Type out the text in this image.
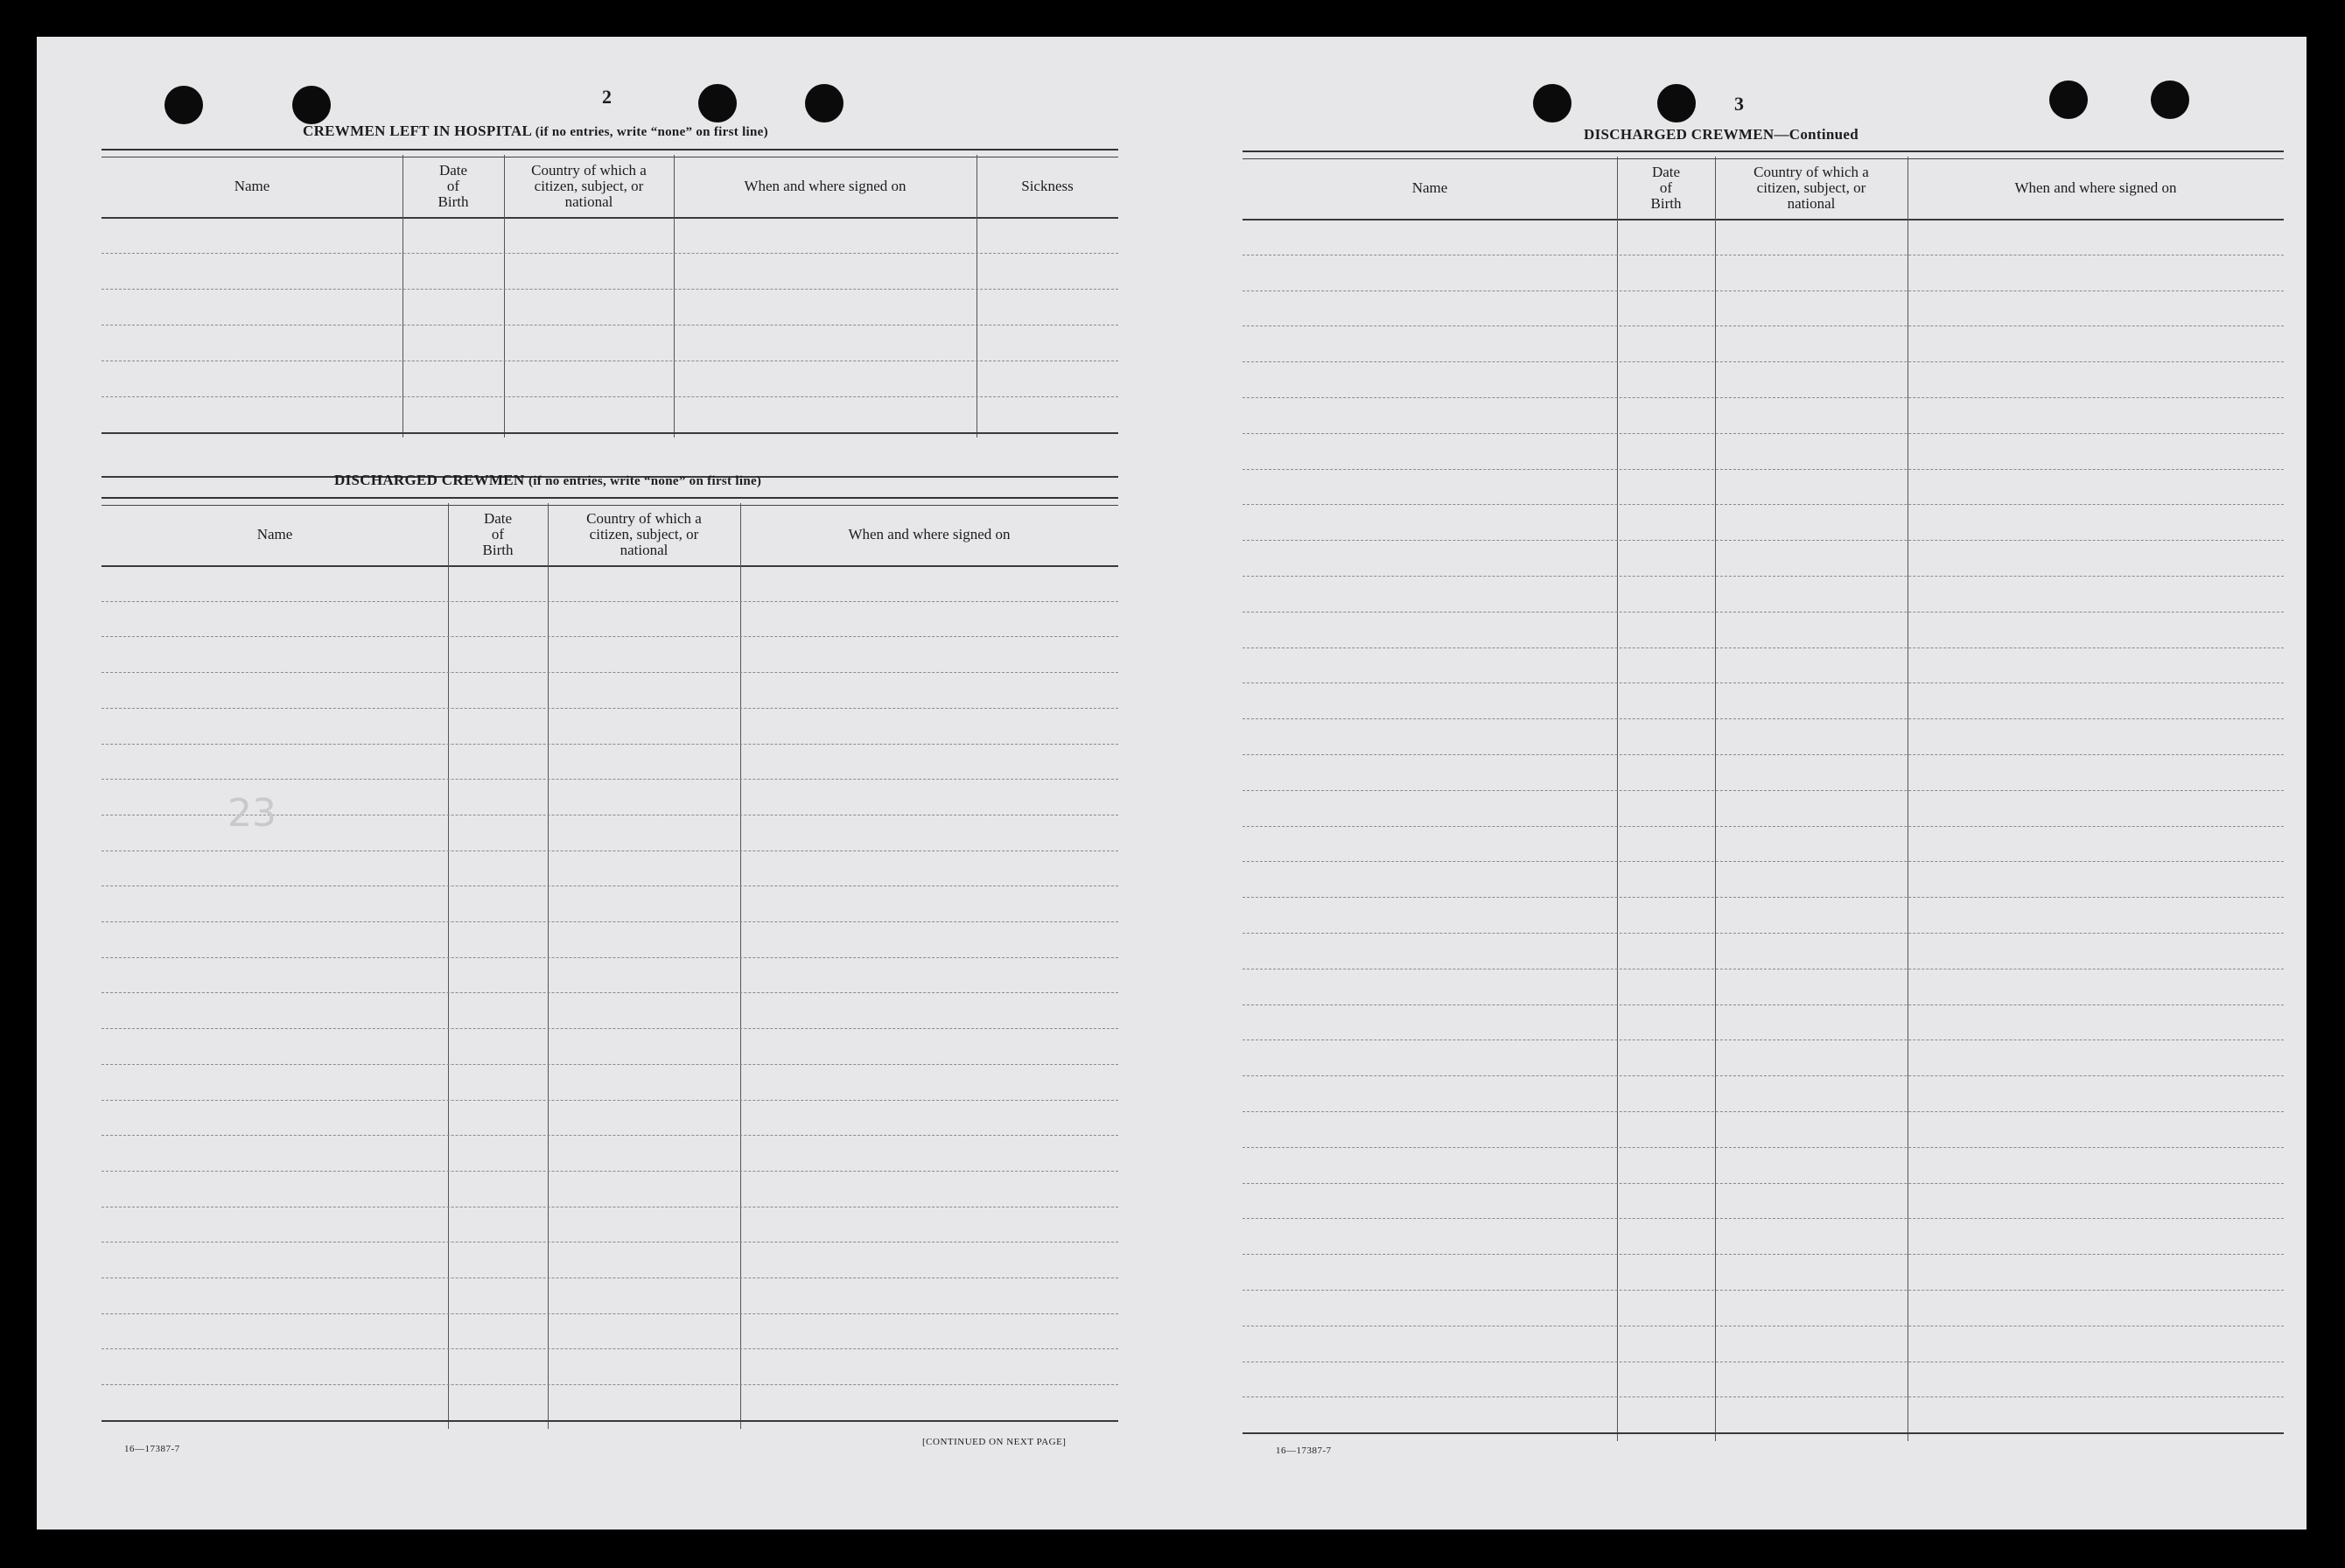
2
CREWMEN LEFT IN HOSPITAL (if no entries, write “none” on first line)
Name
Date
of
Birth
Country of which a
citizen, subject, or
national
When and where signed on	Sickness
DISCHARGED CREWMEN (if no entries, write “none” on first line)
Name
Date
of
Birth
Country of which a
citizen, subject, or
national
When and where signed on
23
16—17387-7
[CONTINUED ON NEXT PAGE]
3
DISCHARGED CREWMEN—Continued
Name
Date
of
Birth
Country of which a
citizen, subject, or
national
When and where signed on
16—17387-7
